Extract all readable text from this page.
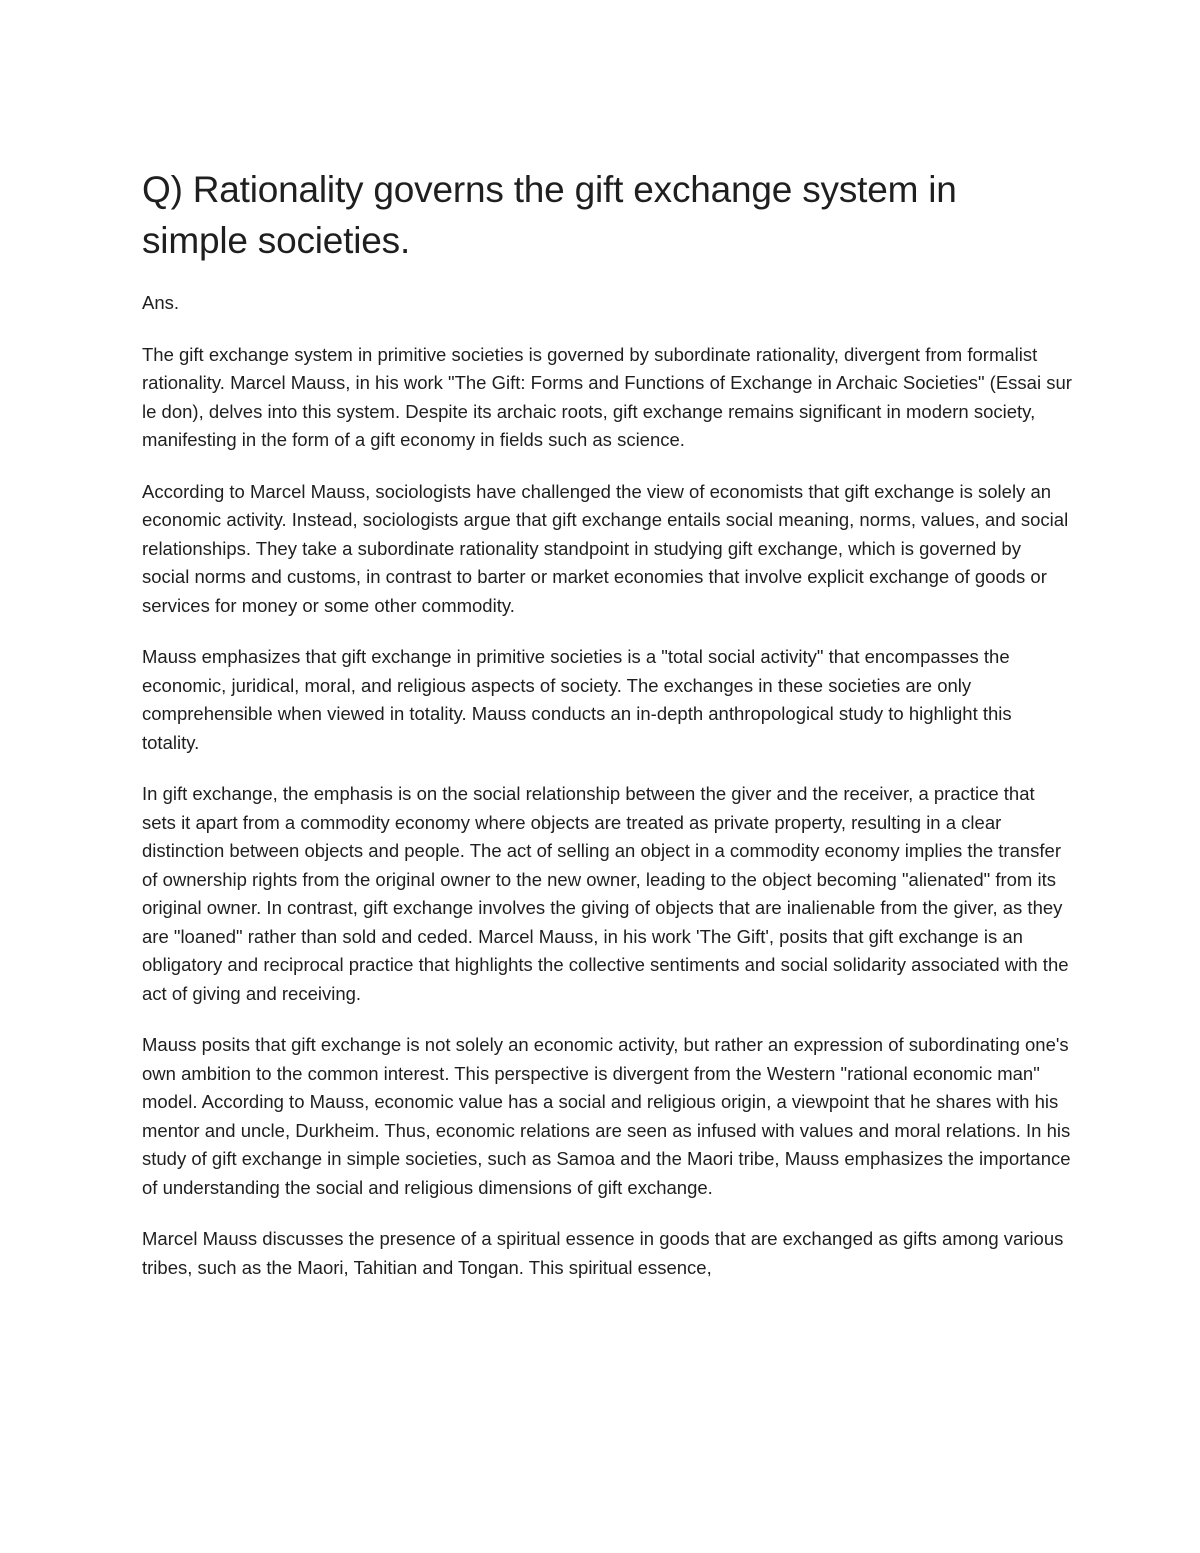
Q) Rationality governs the gift exchange system in simple societies.

Ans.

The gift exchange system in primitive societies is governed by subordinate rationality, divergent from formalist rationality. Marcel Mauss, in his work "The Gift: Forms and Functions of Exchange in Archaic Societies" (Essai sur le don), delves into this system. Despite its archaic roots, gift exchange remains significant in modern society, manifesting in the form of a gift economy in fields such as science.

According to Marcel Mauss, sociologists have challenged the view of economists that gift exchange is solely an economic activity. Instead, sociologists argue that gift exchange entails social meaning, norms, values, and social relationships. They take a subordinate rationality standpoint in studying gift exchange, which is governed by social norms and customs, in contrast to barter or market economies that involve explicit exchange of goods or services for money or some other commodity.

Mauss emphasizes that gift exchange in primitive societies is a "total social activity" that encompasses the economic, juridical, moral, and religious aspects of society. The exchanges in these societies are only comprehensible when viewed in totality. Mauss conducts an in-depth anthropological study to highlight this totality.

In gift exchange, the emphasis is on the social relationship between the giver and the receiver, a practice that sets it apart from a commodity economy where objects are treated as private property, resulting in a clear distinction between objects and people. The act of selling an object in a commodity economy implies the transfer of ownership rights from the original owner to the new owner, leading to the object becoming "alienated" from its original owner. In contrast, gift exchange involves the giving of objects that are inalienable from the giver, as they are "loaned" rather than sold and ceded. Marcel Mauss, in his work 'The Gift', posits that gift exchange is an obligatory and reciprocal practice that highlights the collective sentiments and social solidarity associated with the act of giving and receiving.

Mauss posits that gift exchange is not solely an economic activity, but rather an expression of subordinating one's own ambition to the common interest. This perspective is divergent from the Western "rational economic man" model. According to Mauss, economic value has a social and religious origin, a viewpoint that he shares with his mentor and uncle, Durkheim. Thus, economic relations are seen as infused with values and moral relations. In his study of gift exchange in simple societies, such as Samoa and the Maori tribe, Mauss emphasizes the importance of understanding the social and religious dimensions of gift exchange.

Marcel Mauss discusses the presence of a spiritual essence in goods that are exchanged as gifts among various tribes, such as the Maori, Tahitian and Tongan. This spiritual essence,
